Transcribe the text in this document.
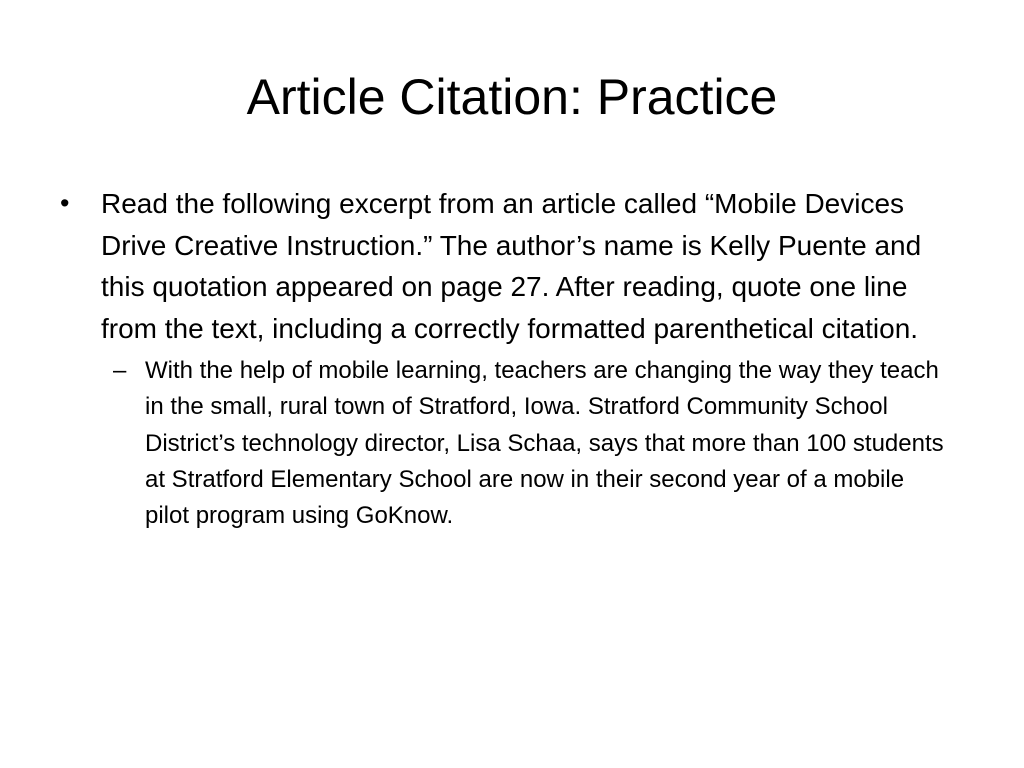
Article Citation: Practice
• Read the following excerpt from an article called “Mobile Devices Drive Creative Instruction.” The author’s name is Kelly Puente and this quotation appeared on page 27. After reading, quote one line from the text, including a correctly formatted parenthetical citation.

– With the help of mobile learning, teachers are changing the way they teach in the small, rural town of Stratford, Iowa. Stratford Community School District’s technology director, Lisa Schaa, says that more than 100 students at Stratford Elementary School are now in their second year of a mobile pilot program using GoKnow.
